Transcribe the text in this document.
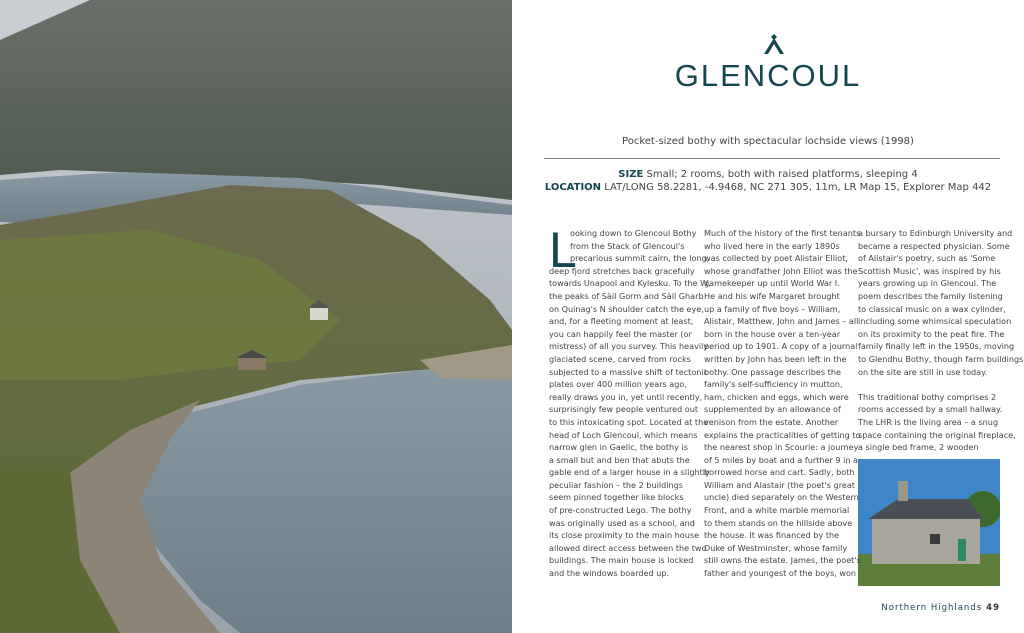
GLENCOUL
Pocket-sized bothy with spectacular lochside views (1998)
SIZE Small; 2 rooms, both with raised platforms, sleeping 4
LOCATION LAT/LONG 58.2281, -4.9468, NC 271 305, 11m, LR Map 15, Explorer Map 442
L
ooking down to Glencoul Bothy
from the Stack of Glencoul's
precarious summit cairn, the long,
deep fjord stretches back gracefully
towards Unapool and Kylesku. To the W,
the peaks of Sàil Gorm and Sàil Gharb
on Quinag's N shoulder catch the eye,
and, for a fleeting moment at least,
you can happily feel the master (or
mistress) of all you survey. This heavily
glaciated scene, carved from rocks
subjected to a massive shift of tectonic
plates over 400 million years ago,
really draws you in, yet until recently,
surprisingly few people ventured out
to this intoxicating spot. Located at the
head of Loch Glencoul, which means
narrow glen in Gaelic, the bothy is
a small but and ben that abuts the
gable end of a larger house in a slightly
peculiar fashion – the 2 buildings
seem pinned together like blocks
of pre-constructed Lego. The bothy
was originally used as a school, and
its close proximity to the main house
allowed direct access between the two
buildings. The main house is locked
and the windows boarded up.
Much of the history of the first tenants
who lived here in the early 1890s
was collected by poet Alistair Elliot,
whose grandfather John Elliot was the
gamekeeper up until World War I.
He and his wife Margaret brought
up a family of five boys – William,
Alistair, Matthew, John and James – all
born in the house over a ten-year
period up to 1901. A copy of a journal
written by John has been left in the
bothy. One passage describes the
family's self-sufficiency in mutton,
ham, chicken and eggs, which were
supplemented by an allowance of
venison from the estate. Another
explains the practicalities of getting to
the nearest shop in Scourie: a journey
of 5 miles by boat and a further 9 in a
borrowed horse and cart. Sadly, both
William and Alastair (the poet's great
uncle) died separately on the Western
Front, and a white marble memorial
to them stands on the hillside above
the house. It was financed by the
Duke of Westminster, whose family
still owns the estate. James, the poet's
father and youngest of the boys, won
a bursary to Edinburgh University and
became a respected physician. Some
of Alistair's poetry, such as 'Some
Scottish Music', was inspired by his
years growing up in Glencoul. The
poem describes the family listening
to classical music on a wax cylinder,
including some whimsical speculation
on its proximity to the peat fire. The
family finally left in the 1950s, moving
to Glendhu Bothy, though farm buildings
on the site are still in use today.
This traditional bothy comprises 2
rooms accessed by a small hallway.
The LHR is the living area – a snug
space containing the original fireplace,
a single bed frame, 2 wooden
Northern Highlands 49
